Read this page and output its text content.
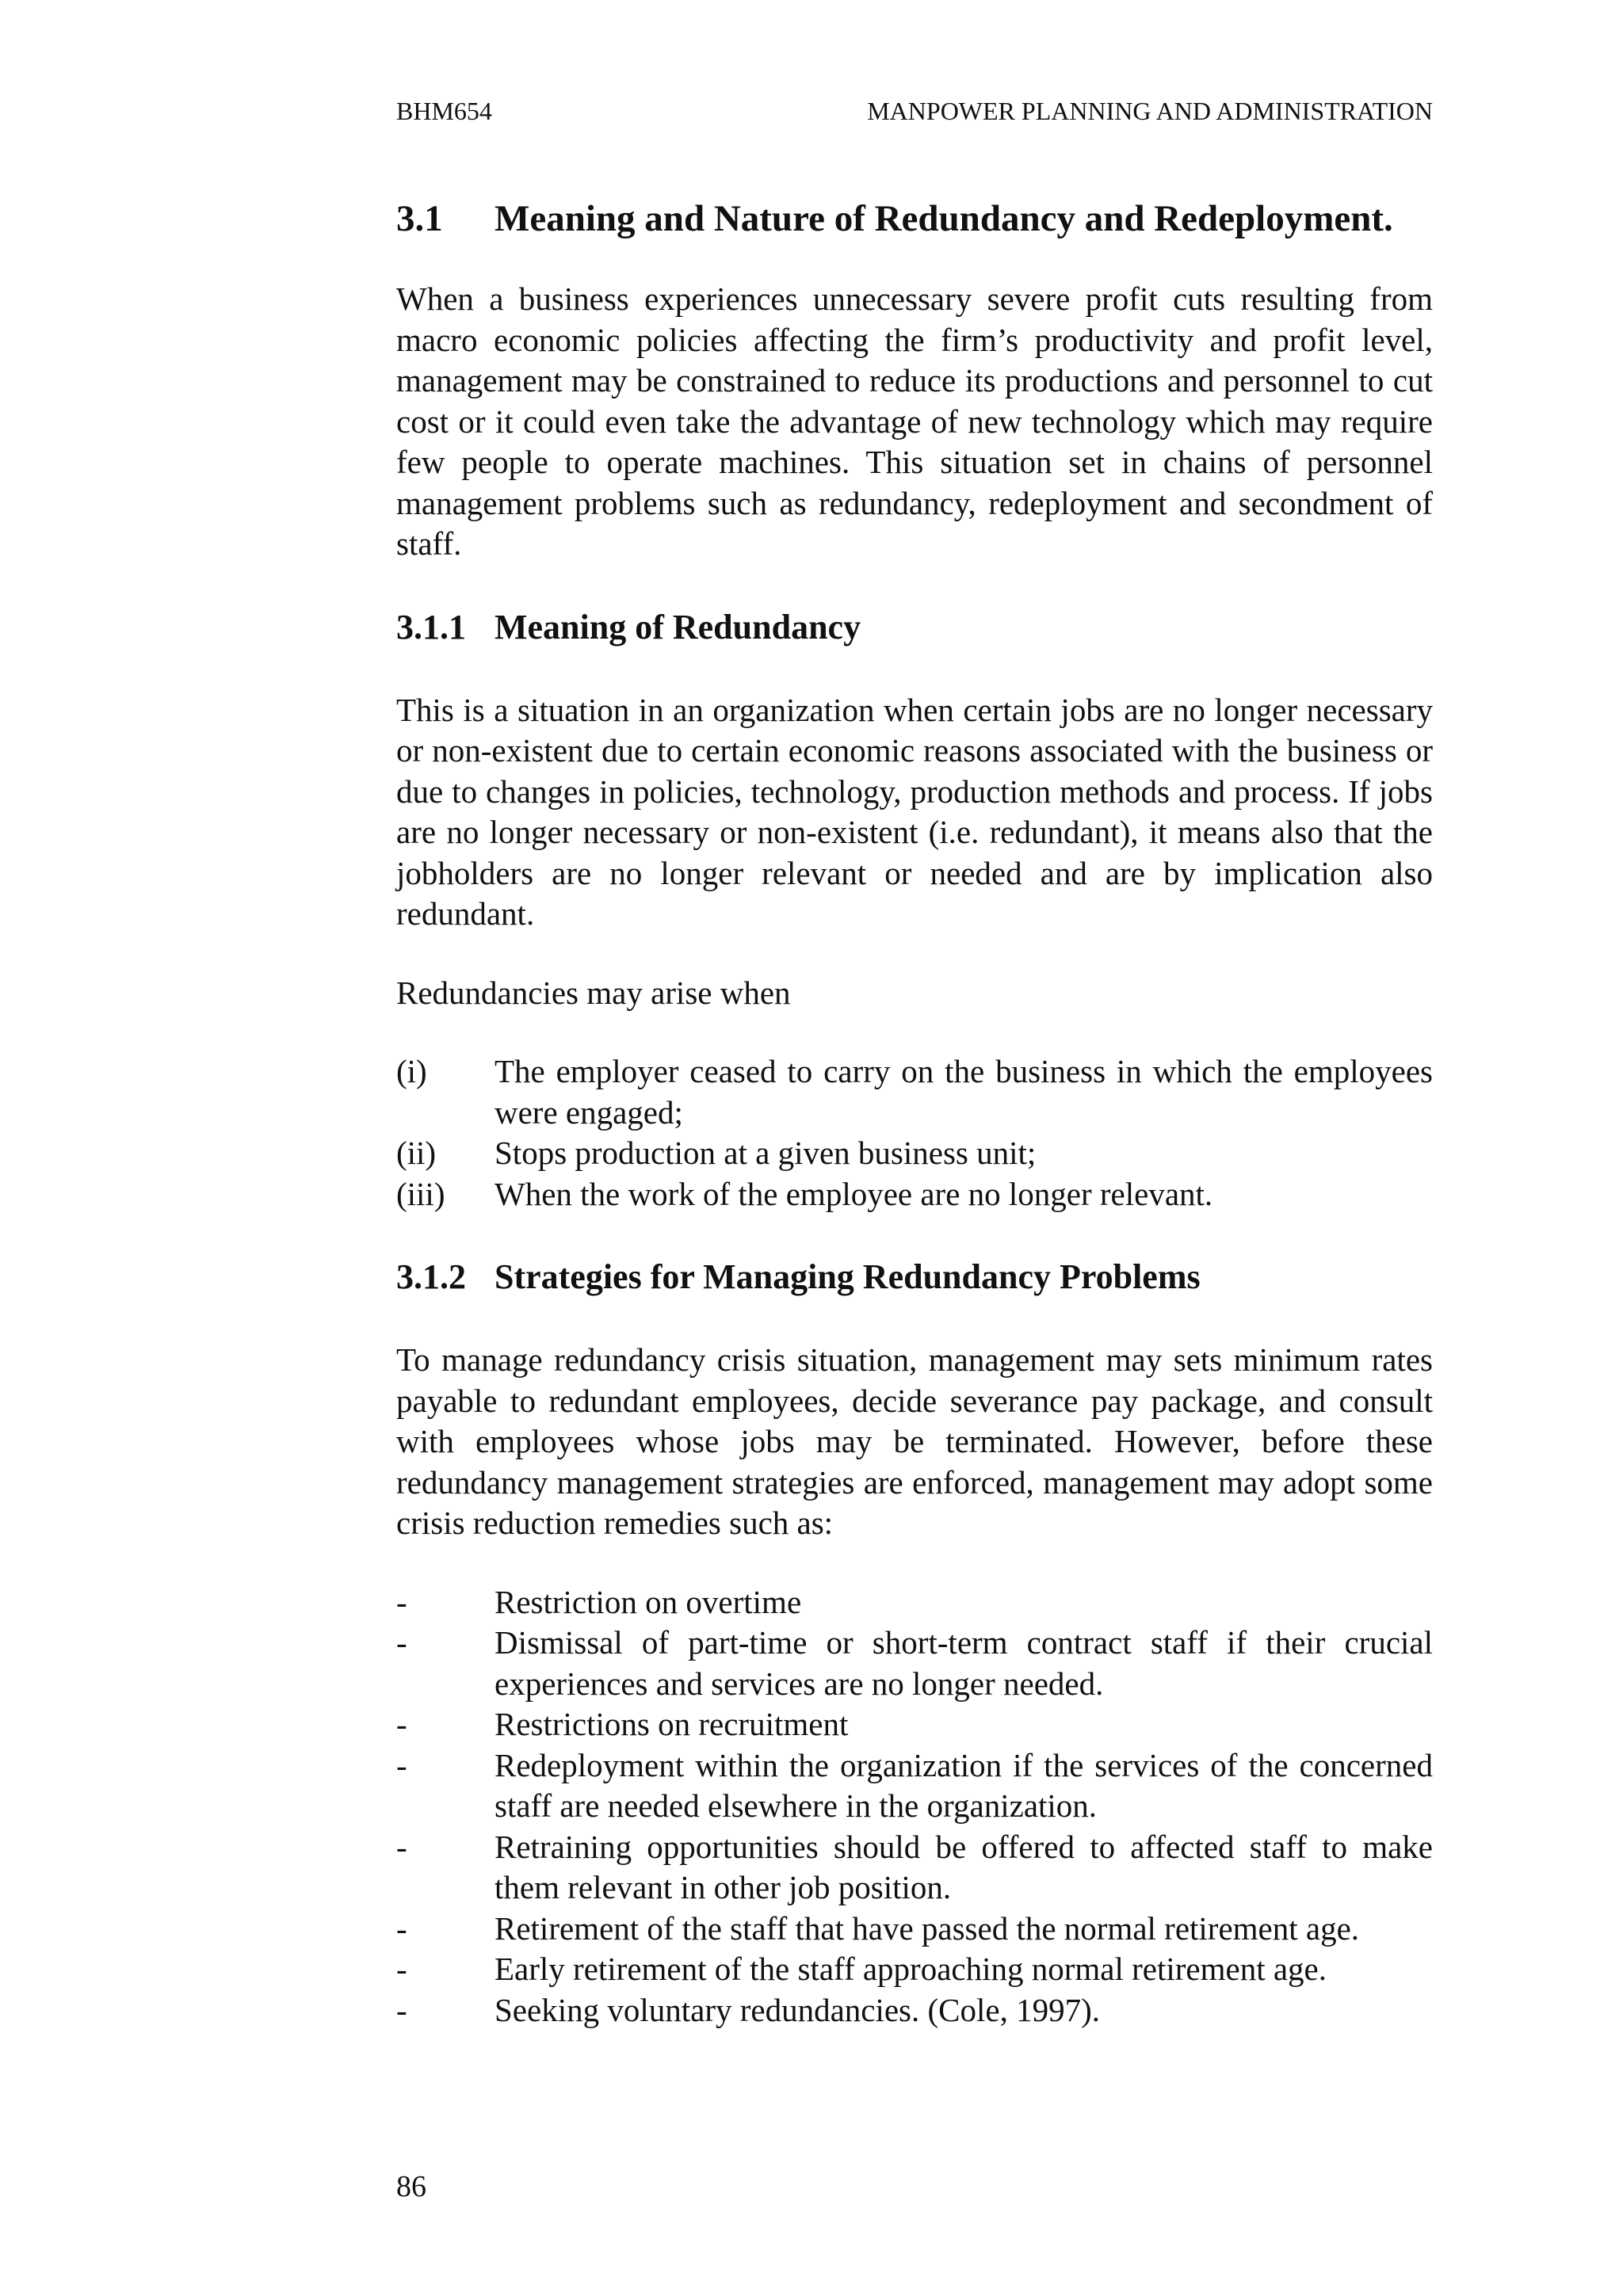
BHM654	MANPOWER PLANNING AND ADMINISTRATION
3.1	Meaning and Nature of Redundancy and Redeployment.

When a business experiences unnecessary severe profit cuts resulting from macro economic policies affecting the firm’s productivity and profit level, management may be constrained to reduce its productions and personnel to cut cost or it could even take the advantage of new technology which may require few people to operate machines. This situation set in chains of personnel management problems such as redundancy, redeployment and secondment of staff.

3.1.1 Meaning of Redundancy

This is a situation in an organization when certain jobs are no longer necessary or non-existent due to certain economic reasons associated with the business or due to changes in policies, technology, production methods and process. If jobs are no longer necessary or non-existent (i.e. redundant), it means also that the jobholders are no longer relevant or needed and are by implication also redundant.

Redundancies may arise when

(i)	The employer ceased to carry on the business in which the employees were engaged;
(ii)	Stops production at a given business unit;
(iii)	When the work of the employee are no longer relevant.
3.1.2 Strategies for Managing Redundancy Problems

To manage redundancy crisis situation, management may sets minimum rates payable to redundant employees, decide severance pay package, and consult with employees whose jobs may be terminated. However, before these redundancy management strategies are enforced, management may adopt some crisis reduction remedies such as:

-	Restriction on overtime
-	Dismissal of part-time or short-term contract staff if their crucial experiences and services are no longer needed.
-	Restrictions on recruitment
-	Redeployment within the organization if the services of the concerned staff are needed elsewhere in the organization.
-	Retraining opportunities should be offered to affected staff to make them relevant in other job position.
-	Retirement of the staff that have passed the normal retirement age.
-	Early retirement of the staff approaching normal retirement age.
-	Seeking voluntary redundancies. (Cole, 1997).
86
